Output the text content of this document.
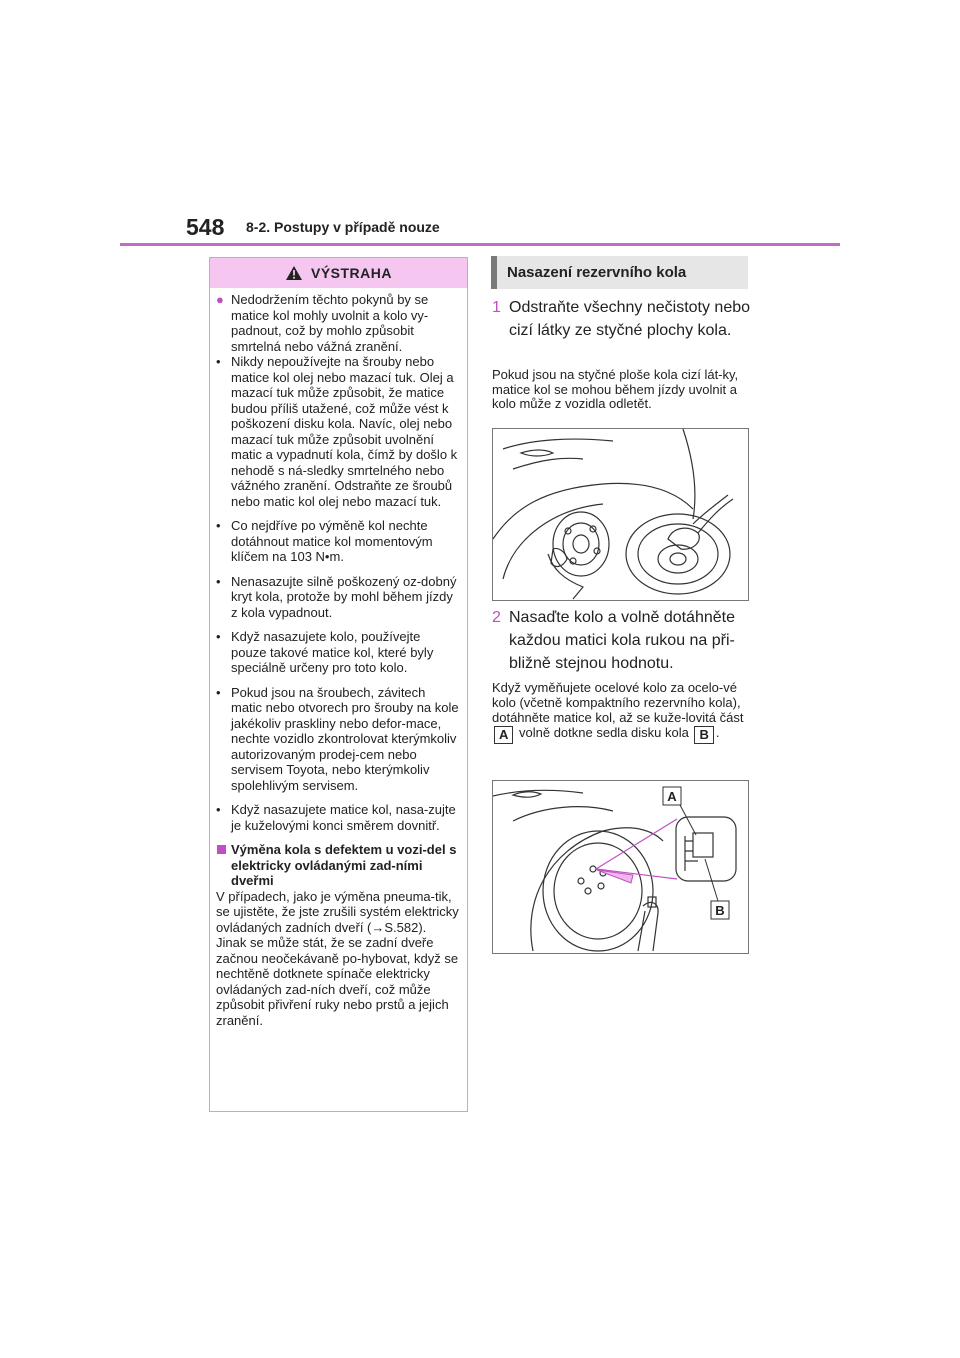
548 8-2. Postupy v případě nouze
VÝSTRAHA

● Nedodržením těchto pokynů by se matice kol mohly uvolnit a kolo vy-padnout, což by mohlo způsobit smrtelná nebo vážná zranění.

• Nikdy nepoužívejte na šrouby nebo matice kol olej nebo mazací tuk. Olej a mazací tuk může způsobit, že matice budou příliš utažené, což může vést k poškození disku kola. Navíc, olej nebo mazací tuk může způsobit uvolnění matic a vypadnutí kola, čímž by došlo k nehodě s ná-sledky smrtelného nebo vážného zranění. Odstraňte ze šroubů nebo matic kol olej nebo mazací tuk.

• Co nejdříve po výměně kol nechte dotáhnout matice kol momentovým klíčem na 103 N•m.

• Nenasazujte silně poškozený oz-dobný kryt kola, protože by mohl během jízdy z kola vypadnout.

• Když nasazujete kolo, používejte pouze takové matice kol, které byly speciálně určeny pro toto kolo.

• Pokud jsou na šroubech, závitech matic nebo otvorech pro šrouby na kole jakékoliv praskliny nebo defor-mace, nechte vozidlo zkontrolovat kterýmkoliv autorizovaným prodej-cem nebo servisem Toyota, nebo kterýmkoliv spolehlivým servisem.

• Když nasazujete matice kol, nasa-zujte je kuželovými konci směrem dovnitř.

Výměna kola s defektem u vozi-del s elektricky ovládanými zad-ními dveřmi

V případech, jako je výměna pneuma-tik, se ujistěte, že jste zrušili systém elektricky ovládaných zadních dveří (→S.582). Jinak se může stát, že se zadní dveře začnou neočekávaně po-hybovat, když se nechtěně dotknete spínače elektricky ovládaných zad-ních dveří, což může způsobit přivření ruky nebo prstů a jejich zranění.

Nasazení rezervního kola
1 Odstraňte všechny nečistoty nebo cizí látky ze styčné plochy kola.
Pokud jsou na styčné ploše kola cizí lát-ky, matice kol se mohou během jízdy uvolnit a kolo může z vozidla odletět.
2 Nasaďte kolo a volně dotáhněte každou matici kola rukou na při-bližně stejnou hodnotu.
Když vyměňujete ocelové kolo za ocelo-vé kolo (včetně kompaktního rezervního kola), dotáhněte matice kol, až se kuže-lovitá část A volně dotkne sedla disku kola B .
A
B
